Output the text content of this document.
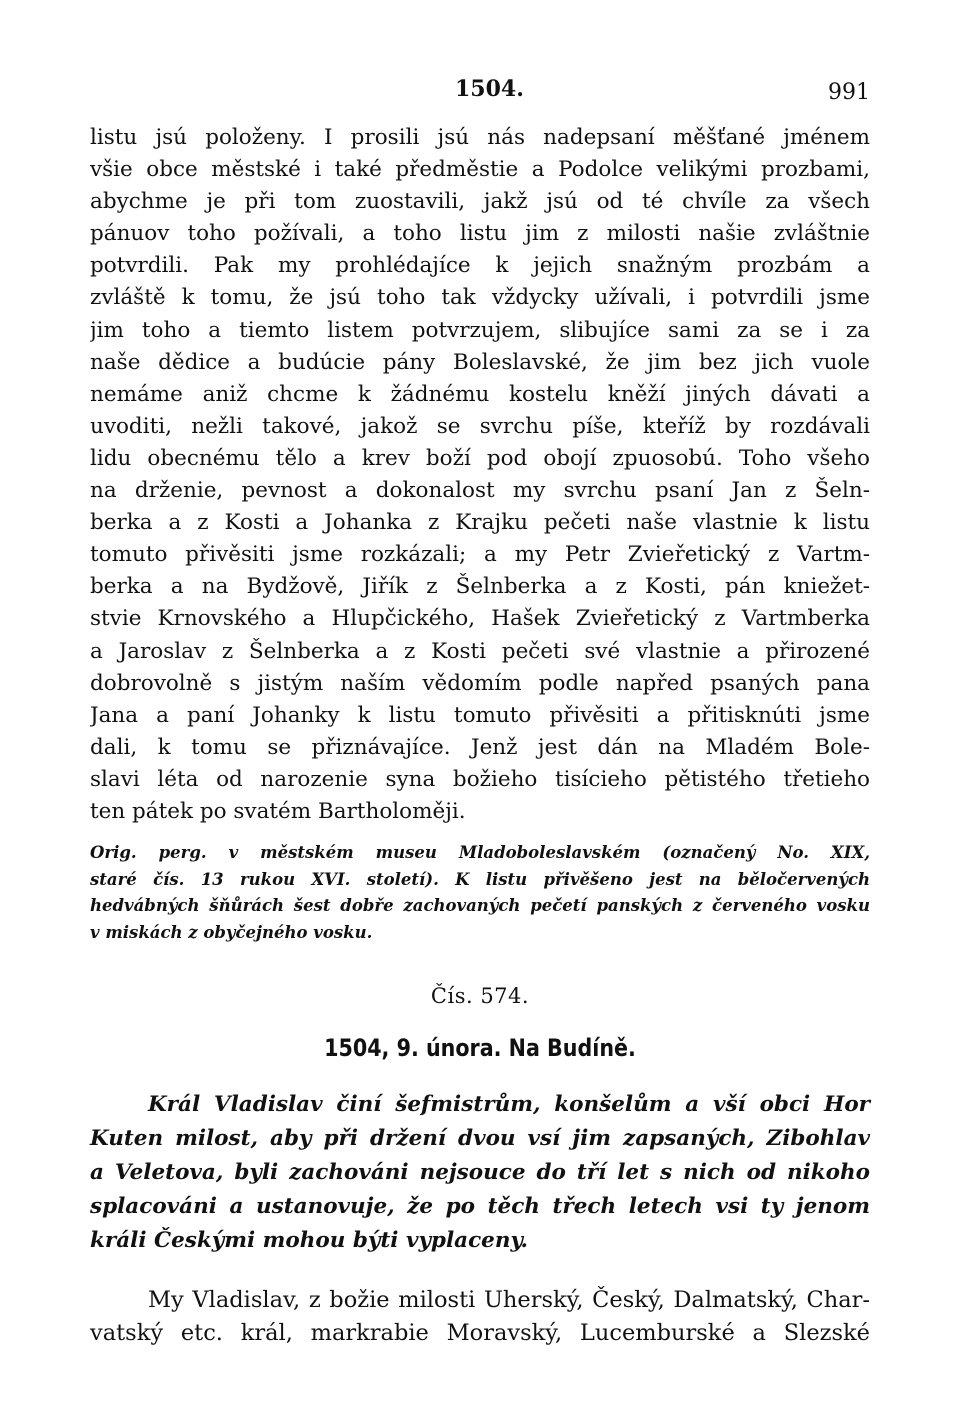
1504.	991

listu jsú položeny. I prosili jsú nás nadepsaní měšťané jménem

všie obce městské i také předměstie a Podolce velikými prozbami,

abychme je při tom zuostavili, jakž jsú od té chvíle za všech

pánuov toho požívali, a toho listu jim z milosti našie zvláštnie

potvrdili. Pak my prohlédajíce k jejich snažným prozbám a

zvláště k tomu, že jsú toho tak vždycky užívali, i potvrdili jsme

jim toho a tiemto listem potvrzujem, slibujíce sami za se i za

naše dědice a budúcie pány Boleslavské, že jim bez jich vuole

nemáme aniž chcme k žádnému kostelu kněží jiných dávati a

uvoditi, nežli takové, jakož se svrchu píše, kteříž by rozdávali

lidu obecnému tělo a krev boží pod obojí zpuosobú. Toho všeho

na drženie, pevnost a dokonalost my svrchu psaní Jan z Šeln-

berka a z Kosti a Johanka z Krajku pečeti naše vlastnie k listu

tomuto přivěsiti jsme rozkázali; a my Petr Zvieřetický z Vartm-

berka a na Bydžově, Jiřík z Šelnberka a z Kosti, pán kniežet-

stvie Krnovského a Hlupčického, Hašek Zvieřetický z Vartmberka

a Jaroslav z Šelnberka a z Kosti pečeti své vlastnie a přirozené

dobrovolně s jistým naším vědomím podle napřed psaných pana

Jana a paní Johanky k listu tomuto přivěsiti a přitisknúti jsme

dali, k tomu se přiznávajíce. Jenž jest dán na Mladém Bole-

slavi léta od narozenie syna božieho tisícieho pětistého třetieho

ten pátek po svatém Bartholoměji.

Orig. perg. v městském museu Mladoboleslavském (označený No. XIX,

staré čís. 13 rukou XVI. století). K listu přivěšeno jest na běločervených

hedvábných šňůrách šest dobře zachovaných pečetí panských z červeného vosku

v miskách z obyčejného vosku.

Čís. 574.
1504, 9. února. Na Budíně.

Král Vladislav činí šefmistrům, konšelům a vší obci Hor

Kuten milost, aby při držení dvou vsí jim zapsaných, Zibohlav

a Veletova, byli zachováni nejsouce do tří let s nich od nikoho

splacováni a ustanovuje, že po těch třech letech vsi ty jenom

králi Českými mohou býti vyplaceny.

My Vladislav, z božie milosti Uherský, Český, Dalmatský, Char-

vatský etc. král, markrabie Moravský, Lucemburské a Slezské
